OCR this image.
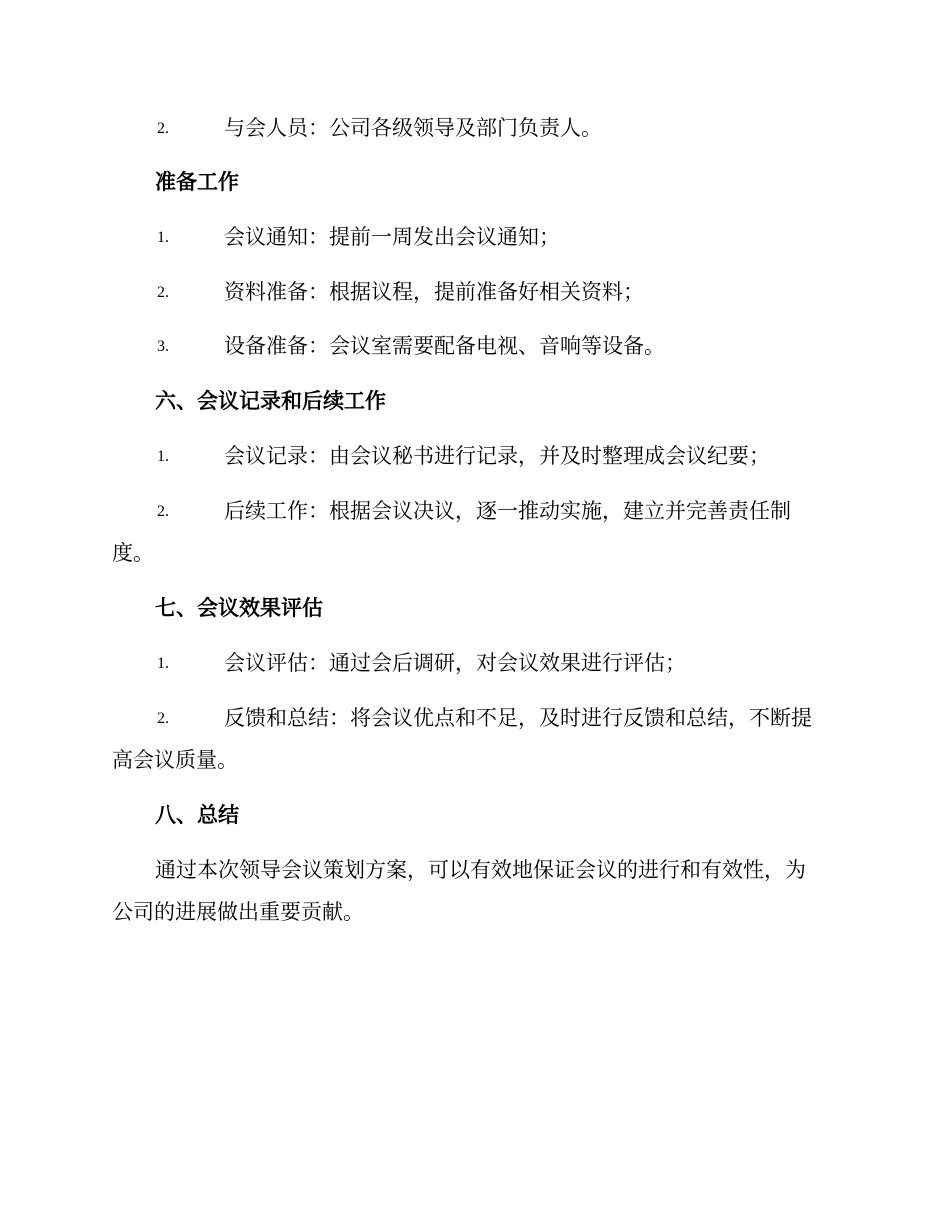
2.	与会人员：公司各级领导及部门负责人。
准备工作
1.	会议通知：提前一周发出会议通知；
2.	资料准备：根据议程，提前准备好相关资料；
3.	设备准备：会议室需要配备电视、音响等设备。
六、会议记录和后续工作
1.	会议记录：由会议秘书进行记录，并及时整理成会议纪要；
2.	后续工作：根据会议决议，逐一推动实施，建立并完善责任制
度。
七、会议效果评估
1.	会议评估：通过会后调研，对会议效果进行评估；
2.	反馈和总结：将会议优点和不足，及时进行反馈和总结，不断提
高会议质量。
八、总结
通过本次领导会议策划方案，可以有效地保证会议的进行和有效性，为
公司的进展做出重要贡献。
